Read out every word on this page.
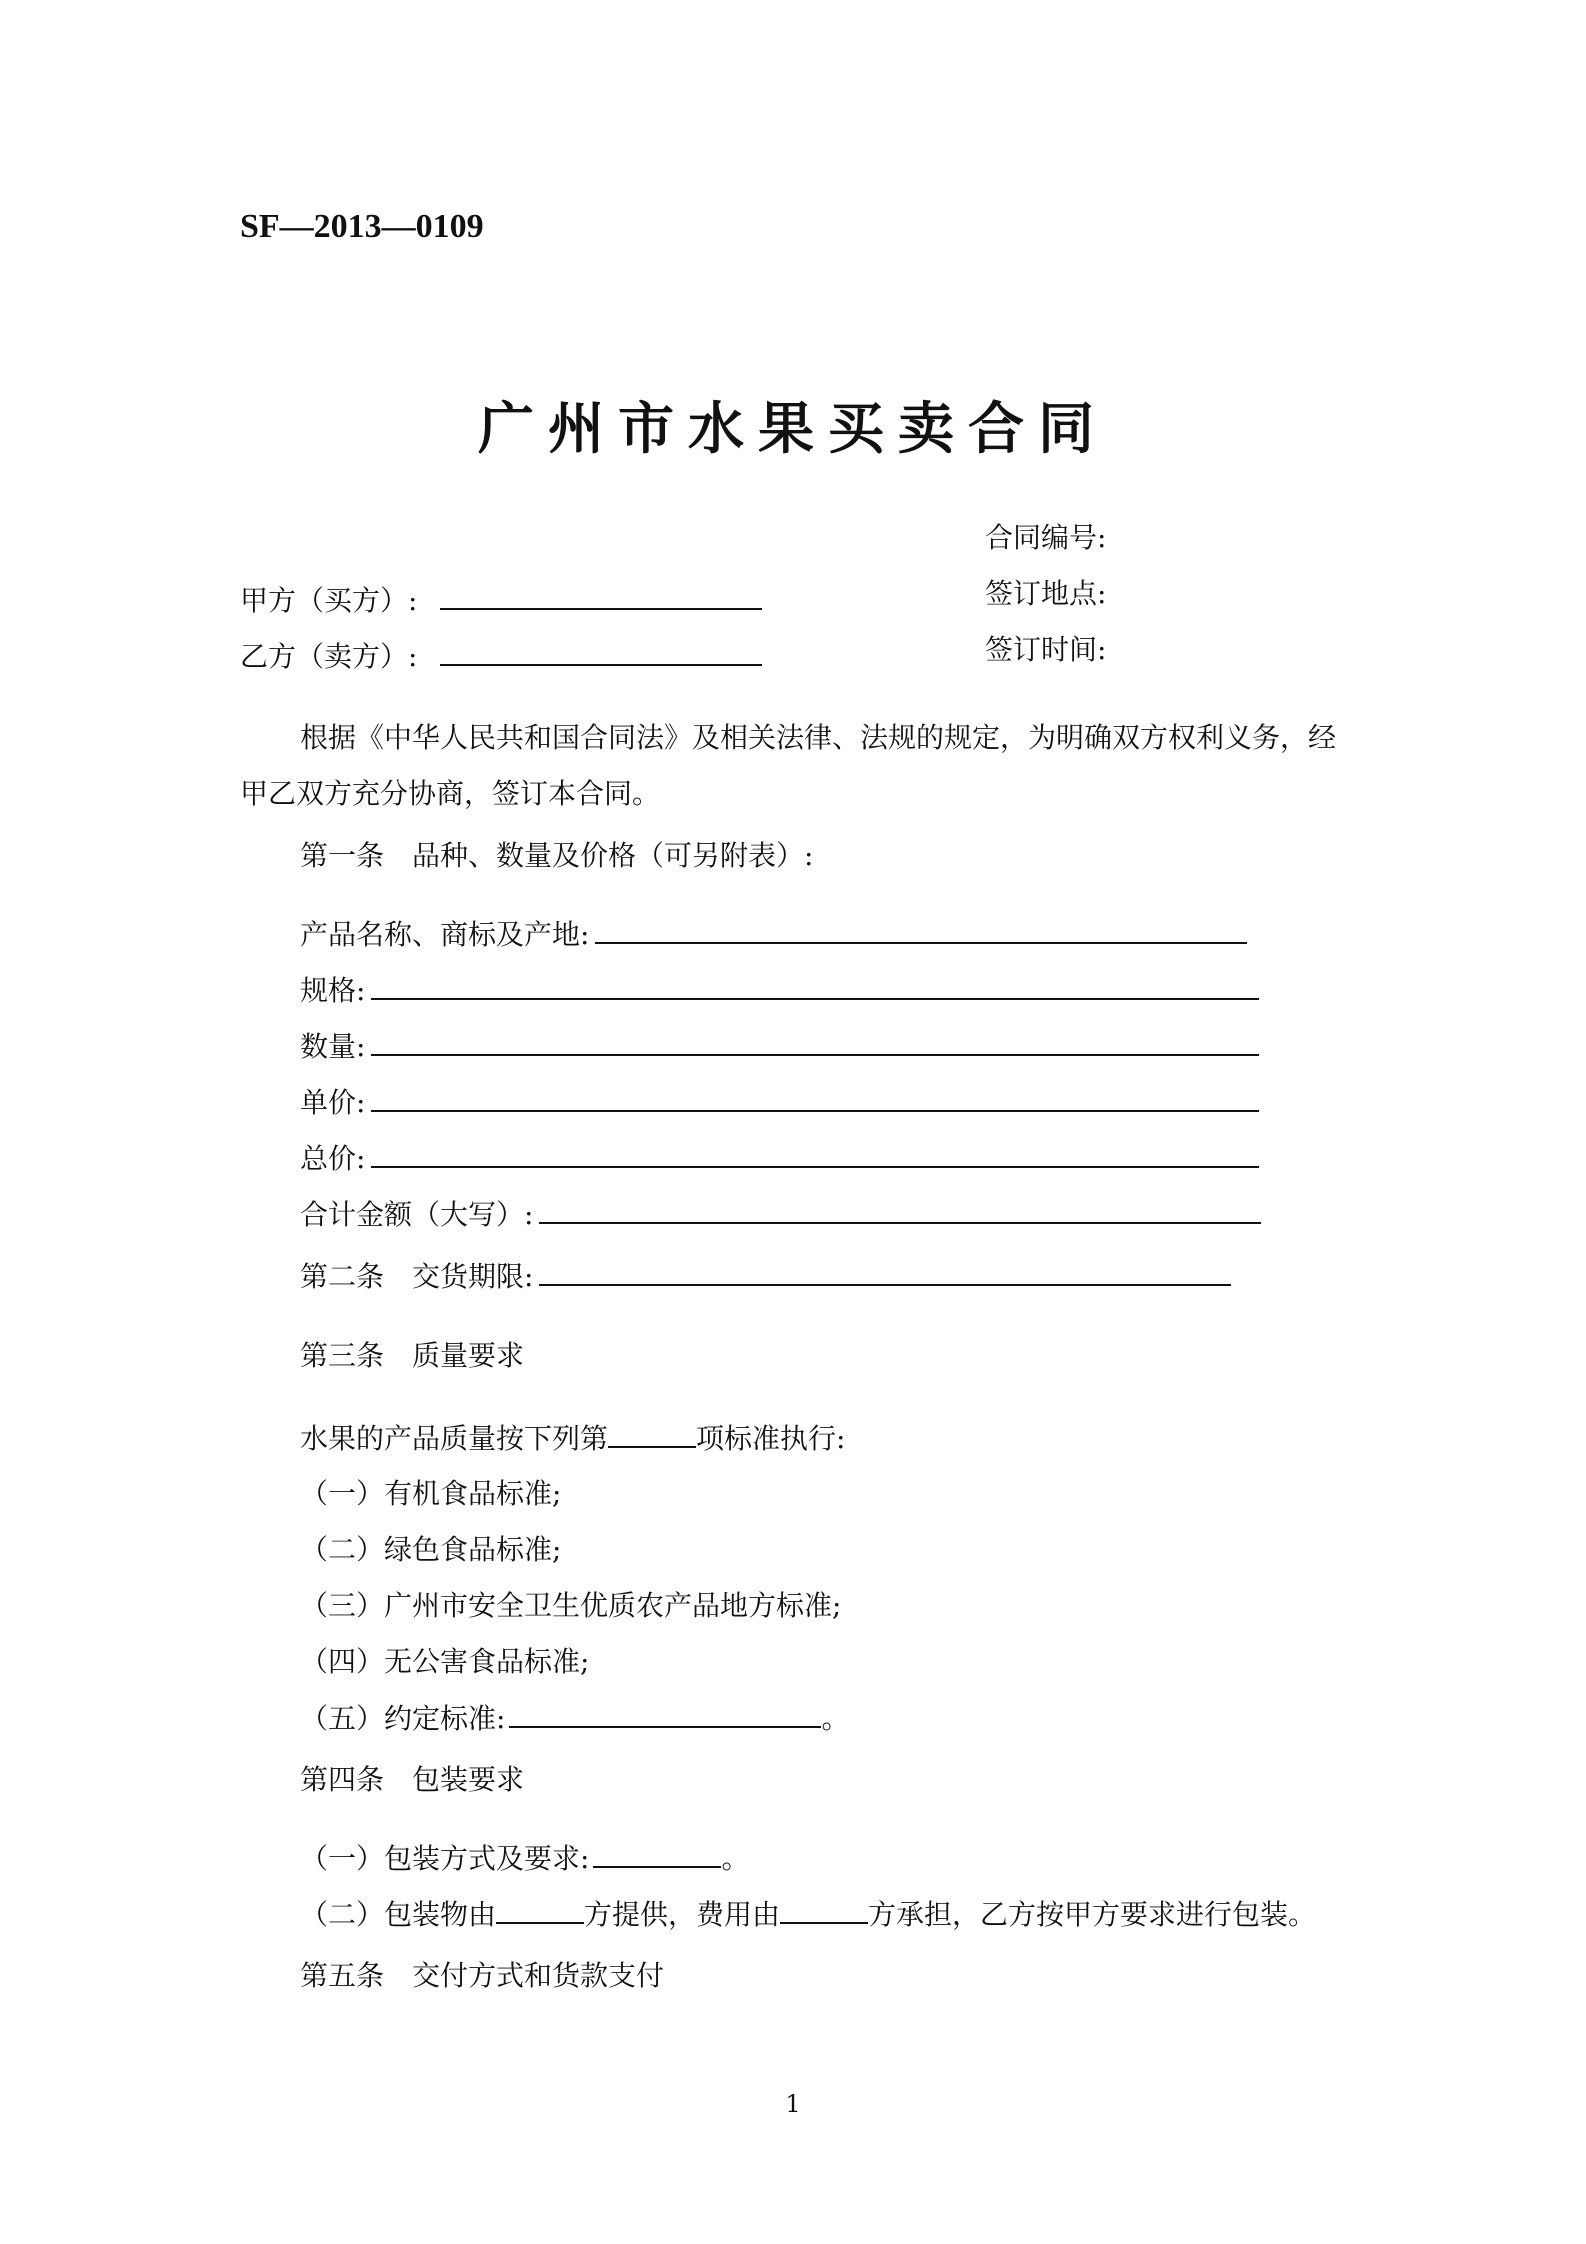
SF—2013—0109
广州市水果买卖合同
合同编号:
签订地点:
签订时间:
甲方（买方）:
乙方（卖方）:
根据《中华人民共和国合同法》及相关法律、法规的规定，为明确双方权利义务，经甲乙双方充分协商，签订本合同。
第一条　品种、数量及价格（可另附表）:
产品名称、商标及产地:
规格:
数量:
单价:
总价:
合计金额（大写）:
第二条　交货期限:
第三条　质量要求
水果的产品质量按下列第	项标准执行:
（一）有机食品标准;
（二）绿色食品标准;
（三）广州市安全卫生优质农产品地方标准;
（四）无公害食品标准;
（五）约定标准:	。
第四条　包装要求
（一）包装方式及要求:	。
（二）包装物由	方提供，费用由	方承担，乙方按甲方要求进行包装。
第五条　交付方式和货款支付
1
